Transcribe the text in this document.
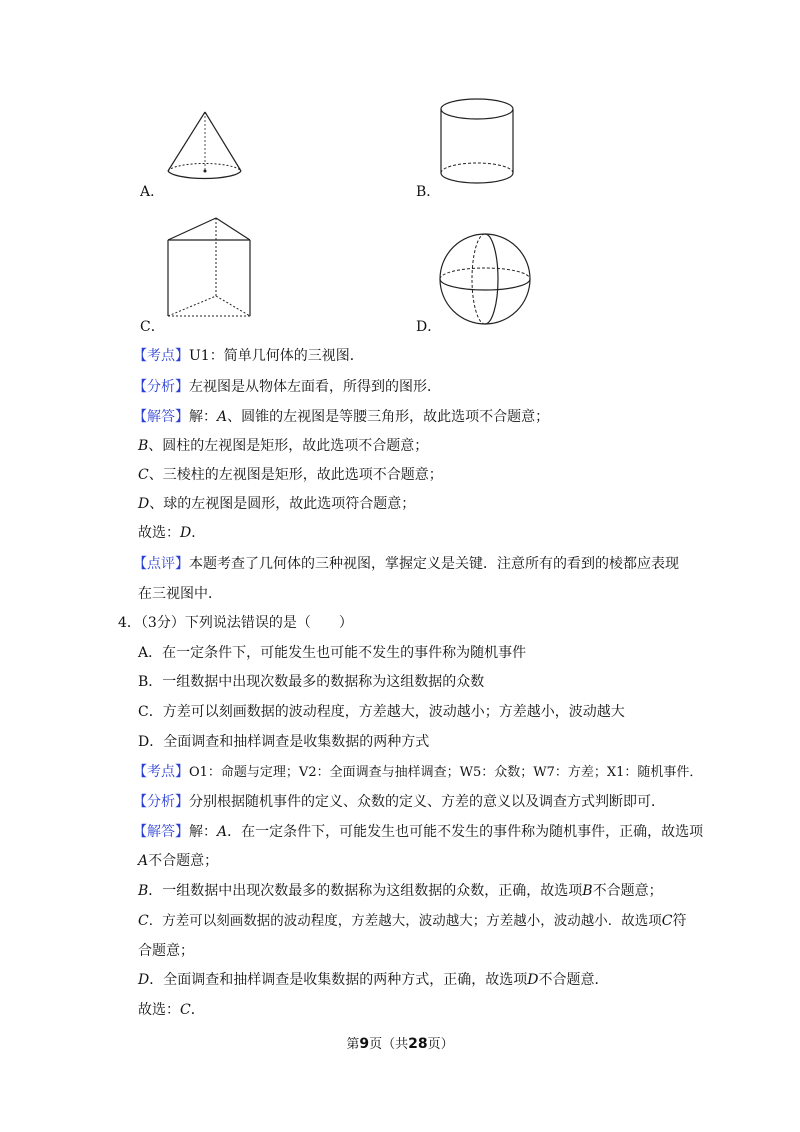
A．	B．
C．	D．
【考点】U1：简单几何体的三视图．
【分析】左视图是从物体左面看，所得到的图形．
【解答】解：A、圆锥的左视图是等腰三角形，故此选项不合题意；
B、圆柱的左视图是矩形，故此选项不合题意；
C、三棱柱的左视图是矩形，故此选项不合题意；
D、球的左视图是圆形，故此选项符合题意；
故选：D．
【点评】本题考查了几何体的三种视图，掌握定义是关键．注意所有的看到的棱都应表现
在三视图中．
4．（3分）下列说法错误的是（　　）
A．在一定条件下，可能发生也可能不发生的事件称为随机事件
B．一组数据中出现次数最多的数据称为这组数据的众数
C．方差可以刻画数据的波动程度，方差越大，波动越小；方差越小，波动越大
D．全面调查和抽样调查是收集数据的两种方式
【考点】O1：命题与定理；V2：全面调查与抽样调查；W5：众数；W7：方差；X1：随机事件．
【分析】分别根据随机事件的定义、众数的定义、方差的意义以及调查方式判断即可．
【解答】解：A．在一定条件下，可能发生也可能不发生的事件称为随机事件，正确，故选项
A不合题意；
B．一组数据中出现次数最多的数据称为这组数据的众数，正确，故选项B不合题意；
C．方差可以刻画数据的波动程度，方差越大，波动越大；方差越小，波动越小．故选项C符
合题意；
D．全面调查和抽样调查是收集数据的两种方式，正确，故选项D不合题意．
故选：C．
第9页（共28页）
